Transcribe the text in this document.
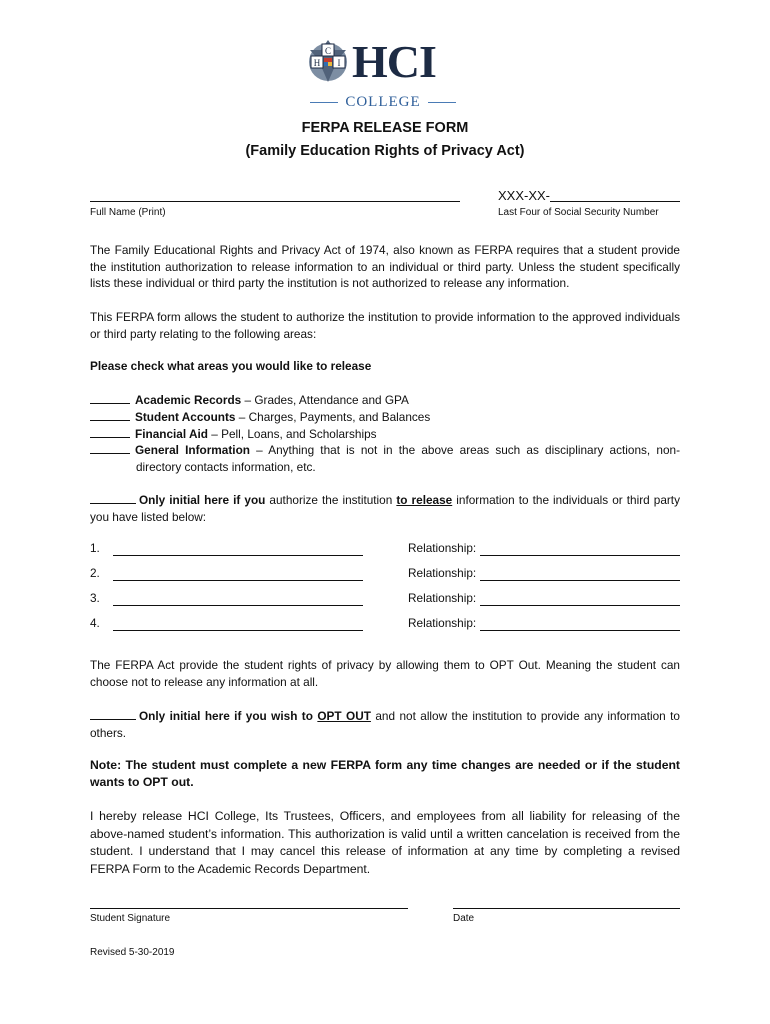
C
H I HCI
COLLEGE
FERPA RELEASE FORM
(Family Education Rights of Privacy Act)
Full Name (Print)
XXX-XX-
Last Four of Social Security Number
The Family Educational Rights and Privacy Act of 1974, also known as FERPA requires that a student provide the institution authorization to release information to an individual or third party. Unless the student specifically lists these individual or third party the institution is not authorized to release any information.
This FERPA form allows the student to authorize the institution to provide information to the approved individuals or third party relating to the following areas:
Please check what areas you would like to release
Academic Records – Grades, Attendance and GPA
Student Accounts – Charges, Payments, and Balances
Financial Aid – Pell, Loans, and Scholarships
General Information – Anything that is not in the above areas such as disciplinary actions, non-directory contacts information, etc.
Only initial here if you authorize the institution to release information to the individuals or third party you have listed below:
1.	Relationship:
2.	Relationship:
3.	Relationship:
4.	Relationship:
The FERPA Act provide the student rights of privacy by allowing them to OPT Out. Meaning the student can choose not to release any information at all.
Only initial here if you wish to OPT OUT and not allow the institution to provide any information to others.
Note: The student must complete a new FERPA form any time changes are needed or if the student wants to OPT out.
I hereby release HCI College, Its Trustees, Officers, and employees from all liability for releasing of the above-named student’s information. This authorization is valid until a written cancelation is received from the student. I understand that I may cancel this release of information at any time by completing a revised FERPA Form to the Academic Records Department.
Student Signature	Date
Revised 5-30-2019
